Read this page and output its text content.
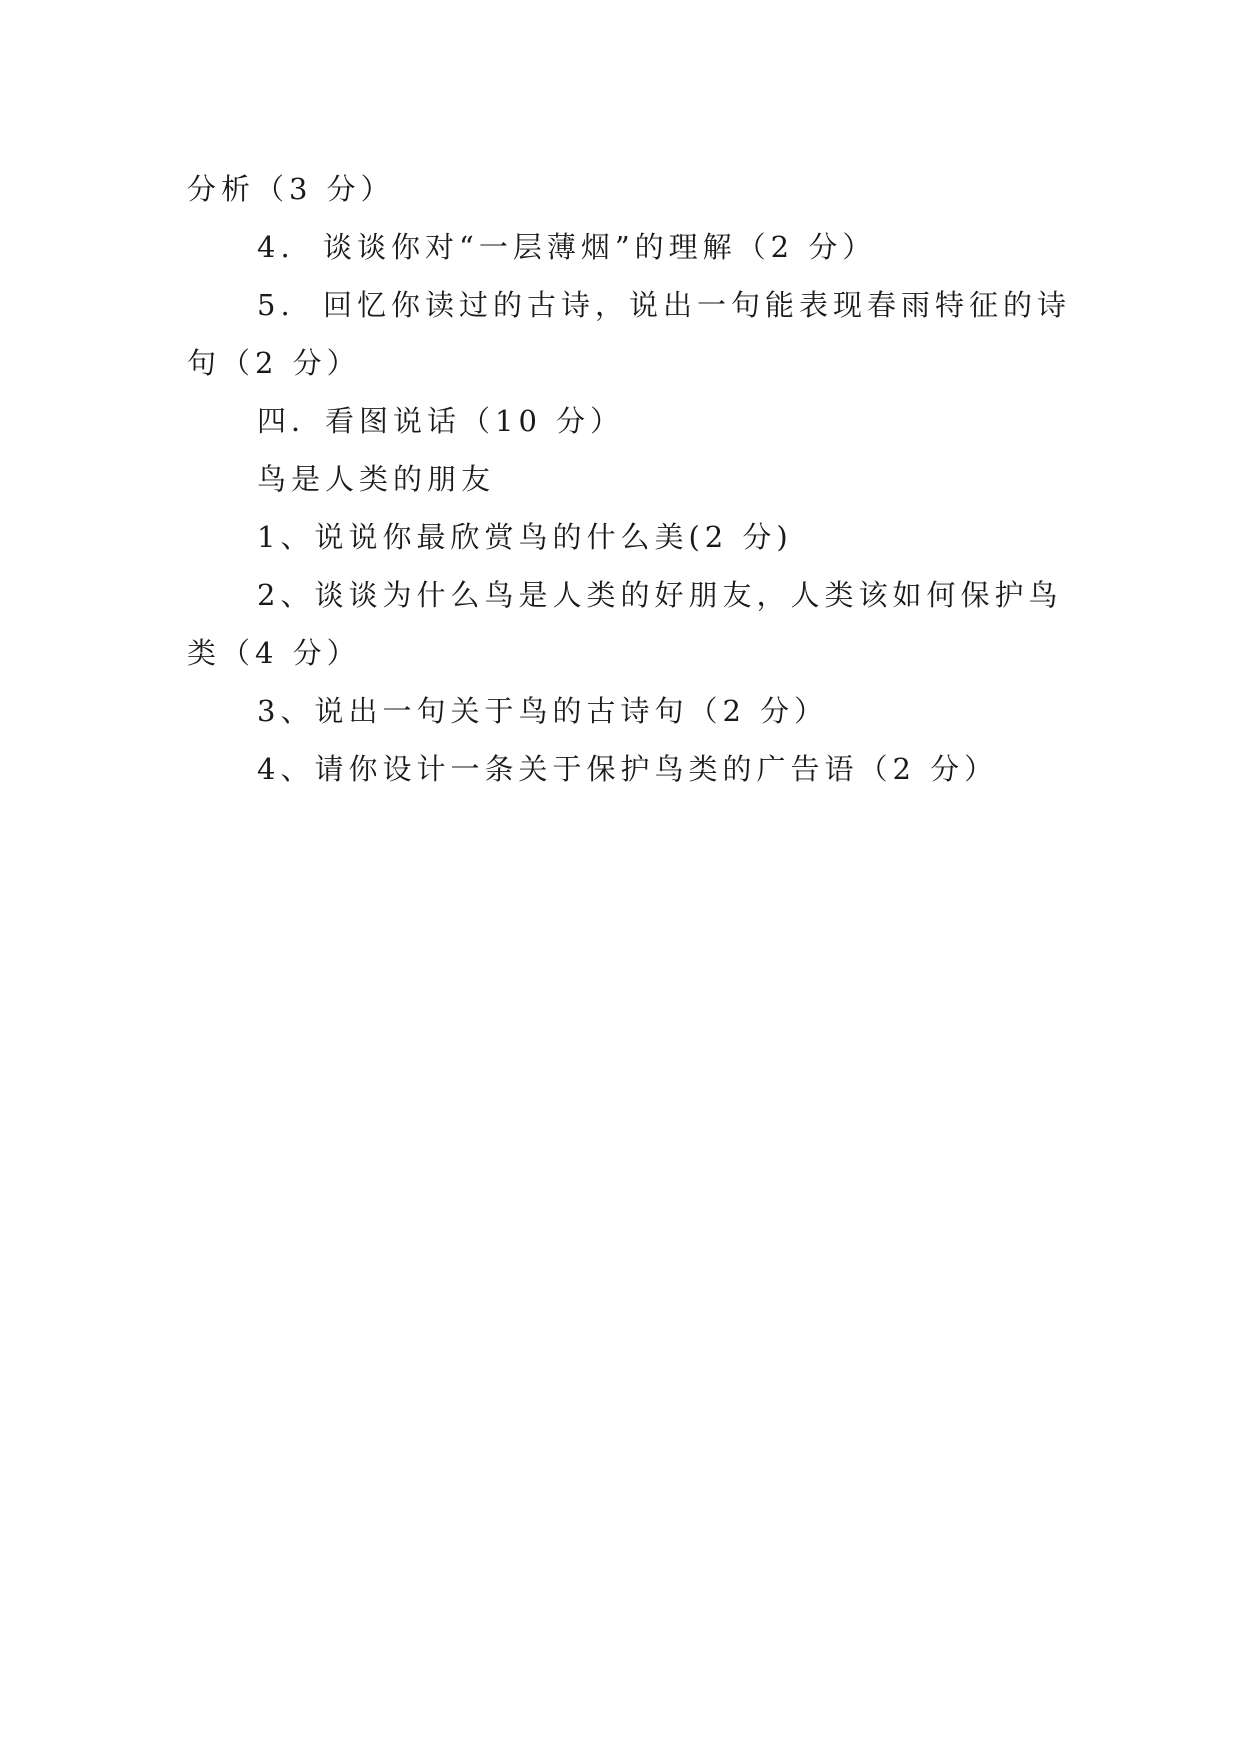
分析（3 分）
4. 谈谈你对“一层薄烟”的理解（2 分）
5. 回忆你读过的古诗，说出一句能表现春雨特征的诗
句（2 分）
四．看图说话（10 分）
鸟是人类的朋友
1、说说你最欣赏鸟的什么美(2 分)
2、谈谈为什么鸟是人类的好朋友，人类该如何保护鸟
类（4 分）
3、说出一句关于鸟的古诗句（2 分）
4、请你设计一条关于保护鸟类的广告语（2 分）
